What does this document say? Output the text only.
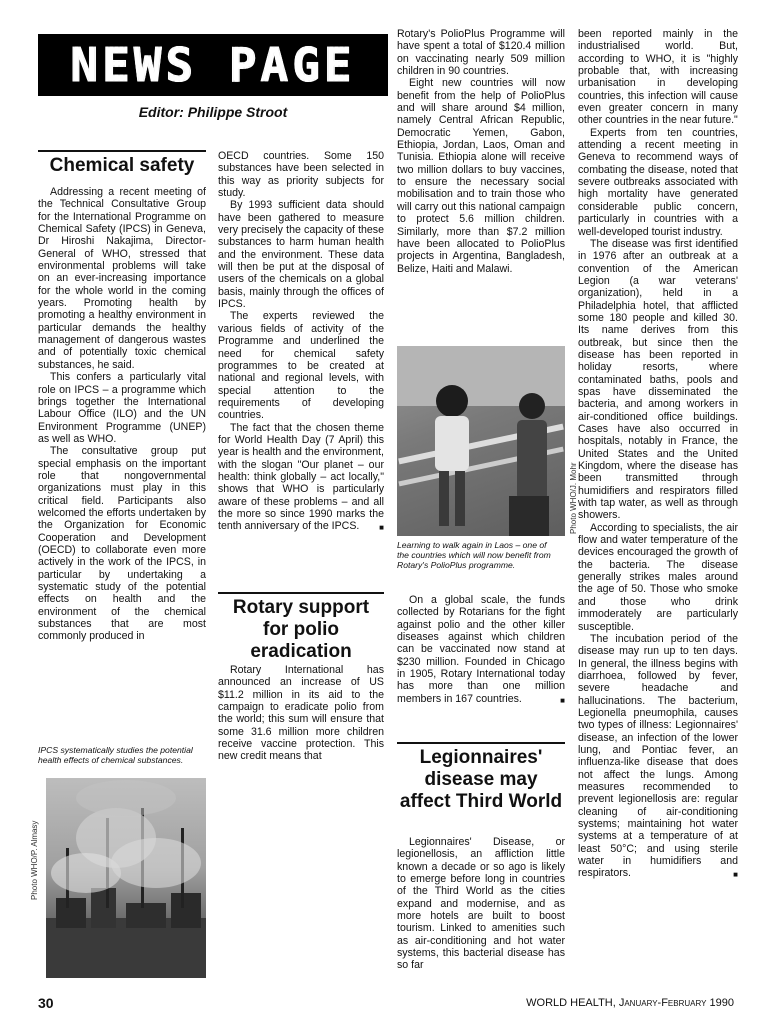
NEWS PAGE
Editor: Philippe Stroot
Chemical safety

Addressing a recent meeting of the Technical Consultative Group for the International Programme on Chemical Safety (IPCS) in Geneva, Dr Hiroshi Nakajima, Director-General of WHO, stressed that environmental problems will take on an ever-increasing importance for the whole world in the coming years. Promoting health by promoting a healthy environment in particular demands the healthy management of dangerous wastes and of potentially toxic chemical substances, he said.

This confers a particularly vital role on IPCS – a programme which brings together the International Labour Office (ILO) and the UN Environment Programme (UNEP) as well as WHO.

The consultative group put special emphasis on the important role that nongovernmental organizations must play in this critical field. Participants also welcomed the efforts undertaken by the Organization for Economic Cooperation and Development (OECD) to collaborate even more actively in the work of the IPCS, in particular by undertaking a systematic study of the potential effects on health and the environment of the chemical substances that are most commonly produced in

IPCS systematically studies the potential health effects of chemical substances.
Photo WHO/P. Almasy

OECD countries. Some 150 substances have been selected in this way as priority subjects for study.

By 1993 sufficient data should have been gathered to measure very precisely the capacity of these substances to harm human health and the environment. These data will then be put at the disposal of users of the chemicals on a global basis, mainly through the offices of IPCS.

The experts reviewed the various fields of activity of the Programme and underlined the need for chemical safety programmes to be created at national and regional levels, with special attention to the requirements of developing countries.

The fact that the chosen theme for World Health Day (7 April) this year is health and the environment, with the slogan "Our planet – our health: think globally – act locally," shows that WHO is particularly aware of these problems – and all the more so since 1990 marks the tenth anniversary of the IPCS. ■

Rotary support for polio eradication

Rotary International has announced an increase of US $11.2 million in its aid to the campaign to eradicate polio from the world; this sum will ensure that some 31.6 million more children receive vaccine protection. This new credit means that

Rotary's PolioPlus Programme will have spent a total of $120.4 million on vaccinating nearly 509 million children in 90 countries.

Eight new countries will now benefit from the help of PolioPlus and will share around $4 million, namely Central African Republic, Democratic Yemen, Gabon, Ethiopia, Jordan, Laos, Oman and Tunisia. Ethiopia alone will receive two million dollars to buy vaccines, to ensure the necessary social mobilisation and to train those who will carry out this national campaign to protect 5.6 million children. Similarly, more than $7.2 million have been allocated to PolioPlus projects in Argentina, Bangladesh, Belize, Haiti and Malawi.

Photo WHO/J. Mohr
Learning to walk again in Laos – one of the countries which will now benefit from Rotary's PolioPlus programme.

On a global scale, the funds collected by Rotarians for the fight against polio and the other killer diseases against which children can be vaccinated now stand at $230 million. Founded in Chicago in 1905, Rotary International today has more than one million members in 167 countries. ■

Legionnaires' disease may affect Third World

Legionnaires' Disease, or legionellosis, an affliction little known a decade or so ago is likely to emerge before long in countries of the Third World as the cities expand and modernise, and as more hotels are built to boost tourism. Linked to amenities such as air-conditioning and hot water systems, this bacterial disease has so far

been reported mainly in the industrialised world. But, according to WHO, it is "highly probable that, with increasing urbanisation in developing countries, this infection will cause even greater concern in many other countries in the near future."

Experts from ten countries, attending a recent meeting in Geneva to recommend ways of combating the disease, noted that severe outbreaks associated with high mortality have generated considerable public concern, particularly in countries with a well-developed tourist industry.

The disease was first identified in 1976 after an outbreak at a convention of the American Legion (a war veterans' organization), held in a Philadelphia hotel, that afflicted some 180 people and killed 30. Its name derives from this outbreak, but since then the disease has been reported in holiday resorts, where contaminated baths, pools and spas have disseminated the bacteria, and among workers in air-conditioned office buildings. Cases have also occurred in hospitals, notably in France, the United States and the United Kingdom, where the disease has been transmitted through humidifiers and respirators filled with tap water, as well as through showers.

According to specialists, the air flow and water temperature of the devices encouraged the growth of the bacteria. The disease generally strikes males around the age of 50. Those who smoke and those who drink immoderately are particularly susceptible.

The incubation period of the disease may run up to ten days. In general, the illness begins with diarrhoea, followed by fever, severe headache and hallucinations. The bacterium, Legionella pneumophila, causes two types of illness: Legionnaires' disease, an infection of the lower lung, and Pontiac fever, an influenza-like disease that does not affect the lungs. Among measures recommended to prevent legionellosis are: regular cleaning of air-conditioning systems; maintaining hot water systems at a temperature of at least 50°C; and using sterile water in humidifiers and respirators. ■

30	WORLD HEALTH, January-February 1990
